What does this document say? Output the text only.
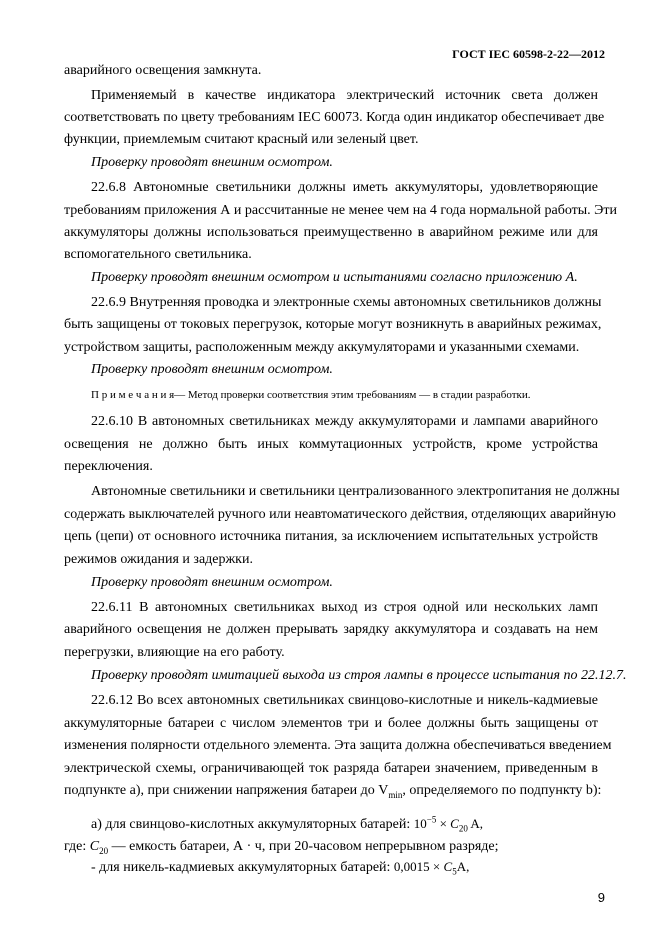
ГОСТ IEC 60598-2-22—2012
аварийного освещения замкнута.
Применяемый в качестве индикатора электрический источник света должен
соответствовать по цвету требованиям IEC 60073. Когда один индикатор обеспечивает две
функции, приемлемым считают красный или зеленый цвет.
Проверку проводят внешним осмотром.
22.6.8 Автономные светильники должны иметь аккумуляторы, удовлетворяющие
требованиям приложения А и рассчитанные не менее чем на 4 года нормальной работы. Эти
аккумуляторы должны использоваться преимущественно в аварийном режиме или для
вспомогательного светильника.
Проверку проводят внешним осмотром и испытаниями согласно приложению А.
22.6.9 Внутренняя проводка и электронные схемы автономных светильников должны
быть защищены от токовых перегрузок, которые могут возникнуть в аварийных режимах,
устройством защиты, расположенным между аккумуляторами и указанными схемами.
Проверку проводят внешним осмотром.
П р и м е ч а н и я— Метод проверки соответствия этим требованиям — в стадии разработки.
22.6.10 В автономных светильниках между аккумуляторами и лампами аварийного
освещения не должно быть иных коммутационных устройств, кроме устройства
переключения.
Автономные светильники и светильники централизованного электропитания не должны
содержать выключателей ручного или неавтоматического действия, отделяющих аварийную
цепь (цепи) от основного источника питания, за исключением испытательных устройств
режимов ожидания и задержки.
Проверку проводят внешним осмотром.
22.6.11 В автономных светильниках выход из строя одной или нескольких ламп
аварийного освещения не должен прерывать зарядку аккумулятора и создавать на нем
перегрузки, влияющие на его работу.
Проверку проводят имитацией выхода из строя лампы в процессе испытания по 22.12.7.
22.6.12 Во всех автономных светильниках свинцово-кислотные и никель-кадмиевые
аккумуляторные батареи с числом элементов три и более должны быть защищены от
изменения полярности отдельного элемента. Эта защита должна обеспечиваться введением
электрической схемы, ограничивающей ток разряда батареи значением, приведенным в
подпункте а), при снижении напряжения батареи до $V_{min}$, определяемого по подпункту b):
а) для свинцово-кислотных аккумуляторных батарей: $10^{-5} \times C_{20}$ A,
где: $C_{20}$ — емкость батареи, А · ч, при 20-часовом непрерывном разряде;
- для никель-кадмиевых аккумуляторных батарей: $0,0015 \times C_5A$,
9
